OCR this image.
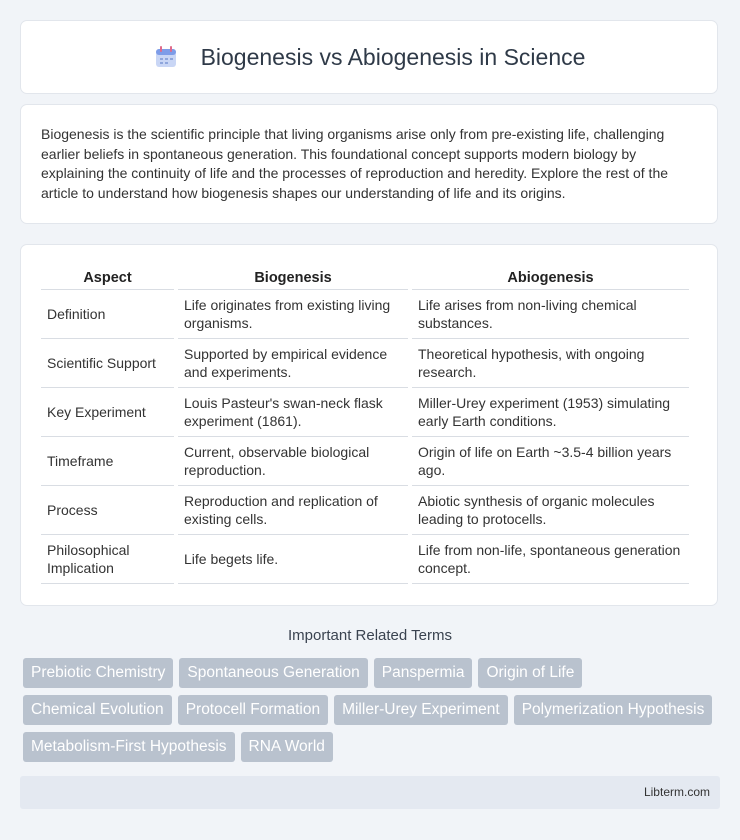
Biogenesis vs Abiogenesis in Science

Biogenesis is the scientific principle that living organisms arise only from pre-existing life, challenging earlier beliefs in spontaneous generation. This foundational concept supports modern biology by explaining the continuity of life and the processes of reproduction and heredity. Explore the rest of the article to understand how biogenesis shapes our understanding of life and its origins.

Aspect	Biogenesis	Abiogenesis
Definition	Life originates from existing living organisms.	Life arises from non-living chemical substances.
Scientific Support	Supported by empirical evidence and experiments.	Theoretical hypothesis, with ongoing research.
Key Experiment	Louis Pasteur's swan-neck flask experiment (1861).	Miller-Urey experiment (1953) simulating early Earth conditions.
Timeframe	Current, observable biological reproduction.	Origin of life on Earth ~3.5-4 billion years ago.
Process	Reproduction and replication of existing cells.	Abiotic synthesis of organic molecules leading to protocells.
Philosophical Implication	Life begets life.	Life from non-life, spontaneous generation concept.
Important Related Terms
Prebiotic Chemistry	Spontaneous Generation	Panspermia	Origin of Life
Chemical Evolution	Protocell Formation	Miller-Urey Experiment	Polymerization Hypothesis
Metabolism-First Hypothesis	RNA World
Libterm.com
